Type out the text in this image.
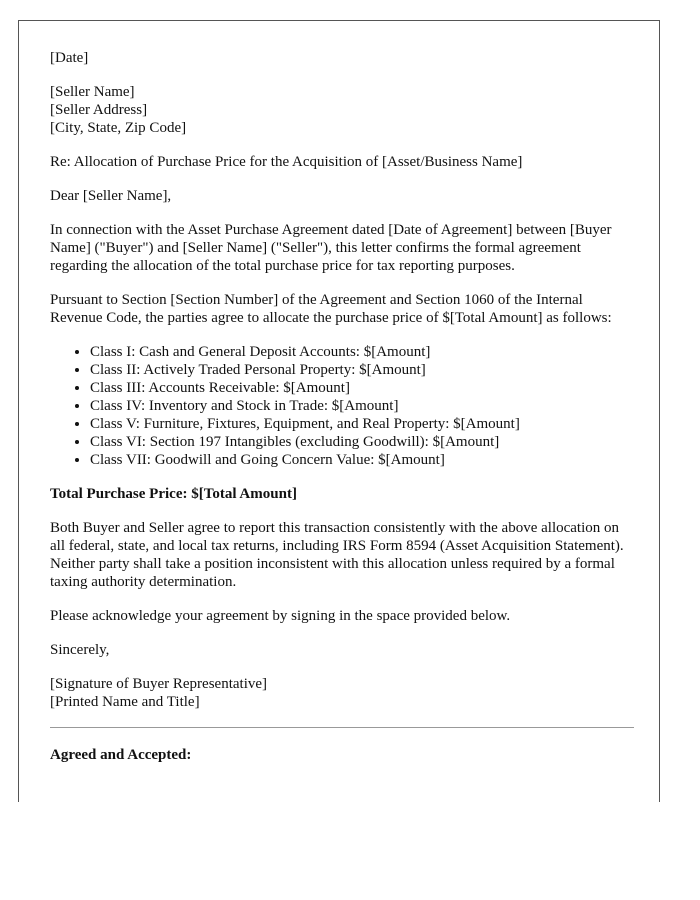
[Date]

[Seller Name]
[Seller Address]
[City, State, Zip Code]

Re: Allocation of Purchase Price for the Acquisition of [Asset/Business Name]

Dear [Seller Name],

In connection with the Asset Purchase Agreement dated [Date of Agreement] between [Buyer Name] ("Buyer") and [Seller Name] ("Seller"), this letter confirms the formal agreement regarding the allocation of the total purchase price for tax reporting purposes.

Pursuant to Section [Section Number] of the Agreement and Section 1060 of the Internal Revenue Code, the parties agree to allocate the purchase price of $[Total Amount] as follows:

• Class I: Cash and General Deposit Accounts: $[Amount]
• Class II: Actively Traded Personal Property: $[Amount]
• Class III: Accounts Receivable: $[Amount]
• Class IV: Inventory and Stock in Trade: $[Amount]
• Class V: Furniture, Fixtures, Equipment, and Real Property: $[Amount]
• Class VI: Section 197 Intangibles (excluding Goodwill): $[Amount]
• Class VII: Goodwill and Going Concern Value: $[Amount]

Total Purchase Price: $[Total Amount]

Both Buyer and Seller agree to report this transaction consistently with the above allocation on all federal, state, and local tax returns, including IRS Form 8594 (Asset Acquisition Statement). Neither party shall take a position inconsistent with this allocation unless required by a formal taxing authority determination.

Please acknowledge your agreement by signing in the space provided below.

Sincerely,

[Signature of Buyer Representative]
[Printed Name and Title]

Agreed and Accepted:
